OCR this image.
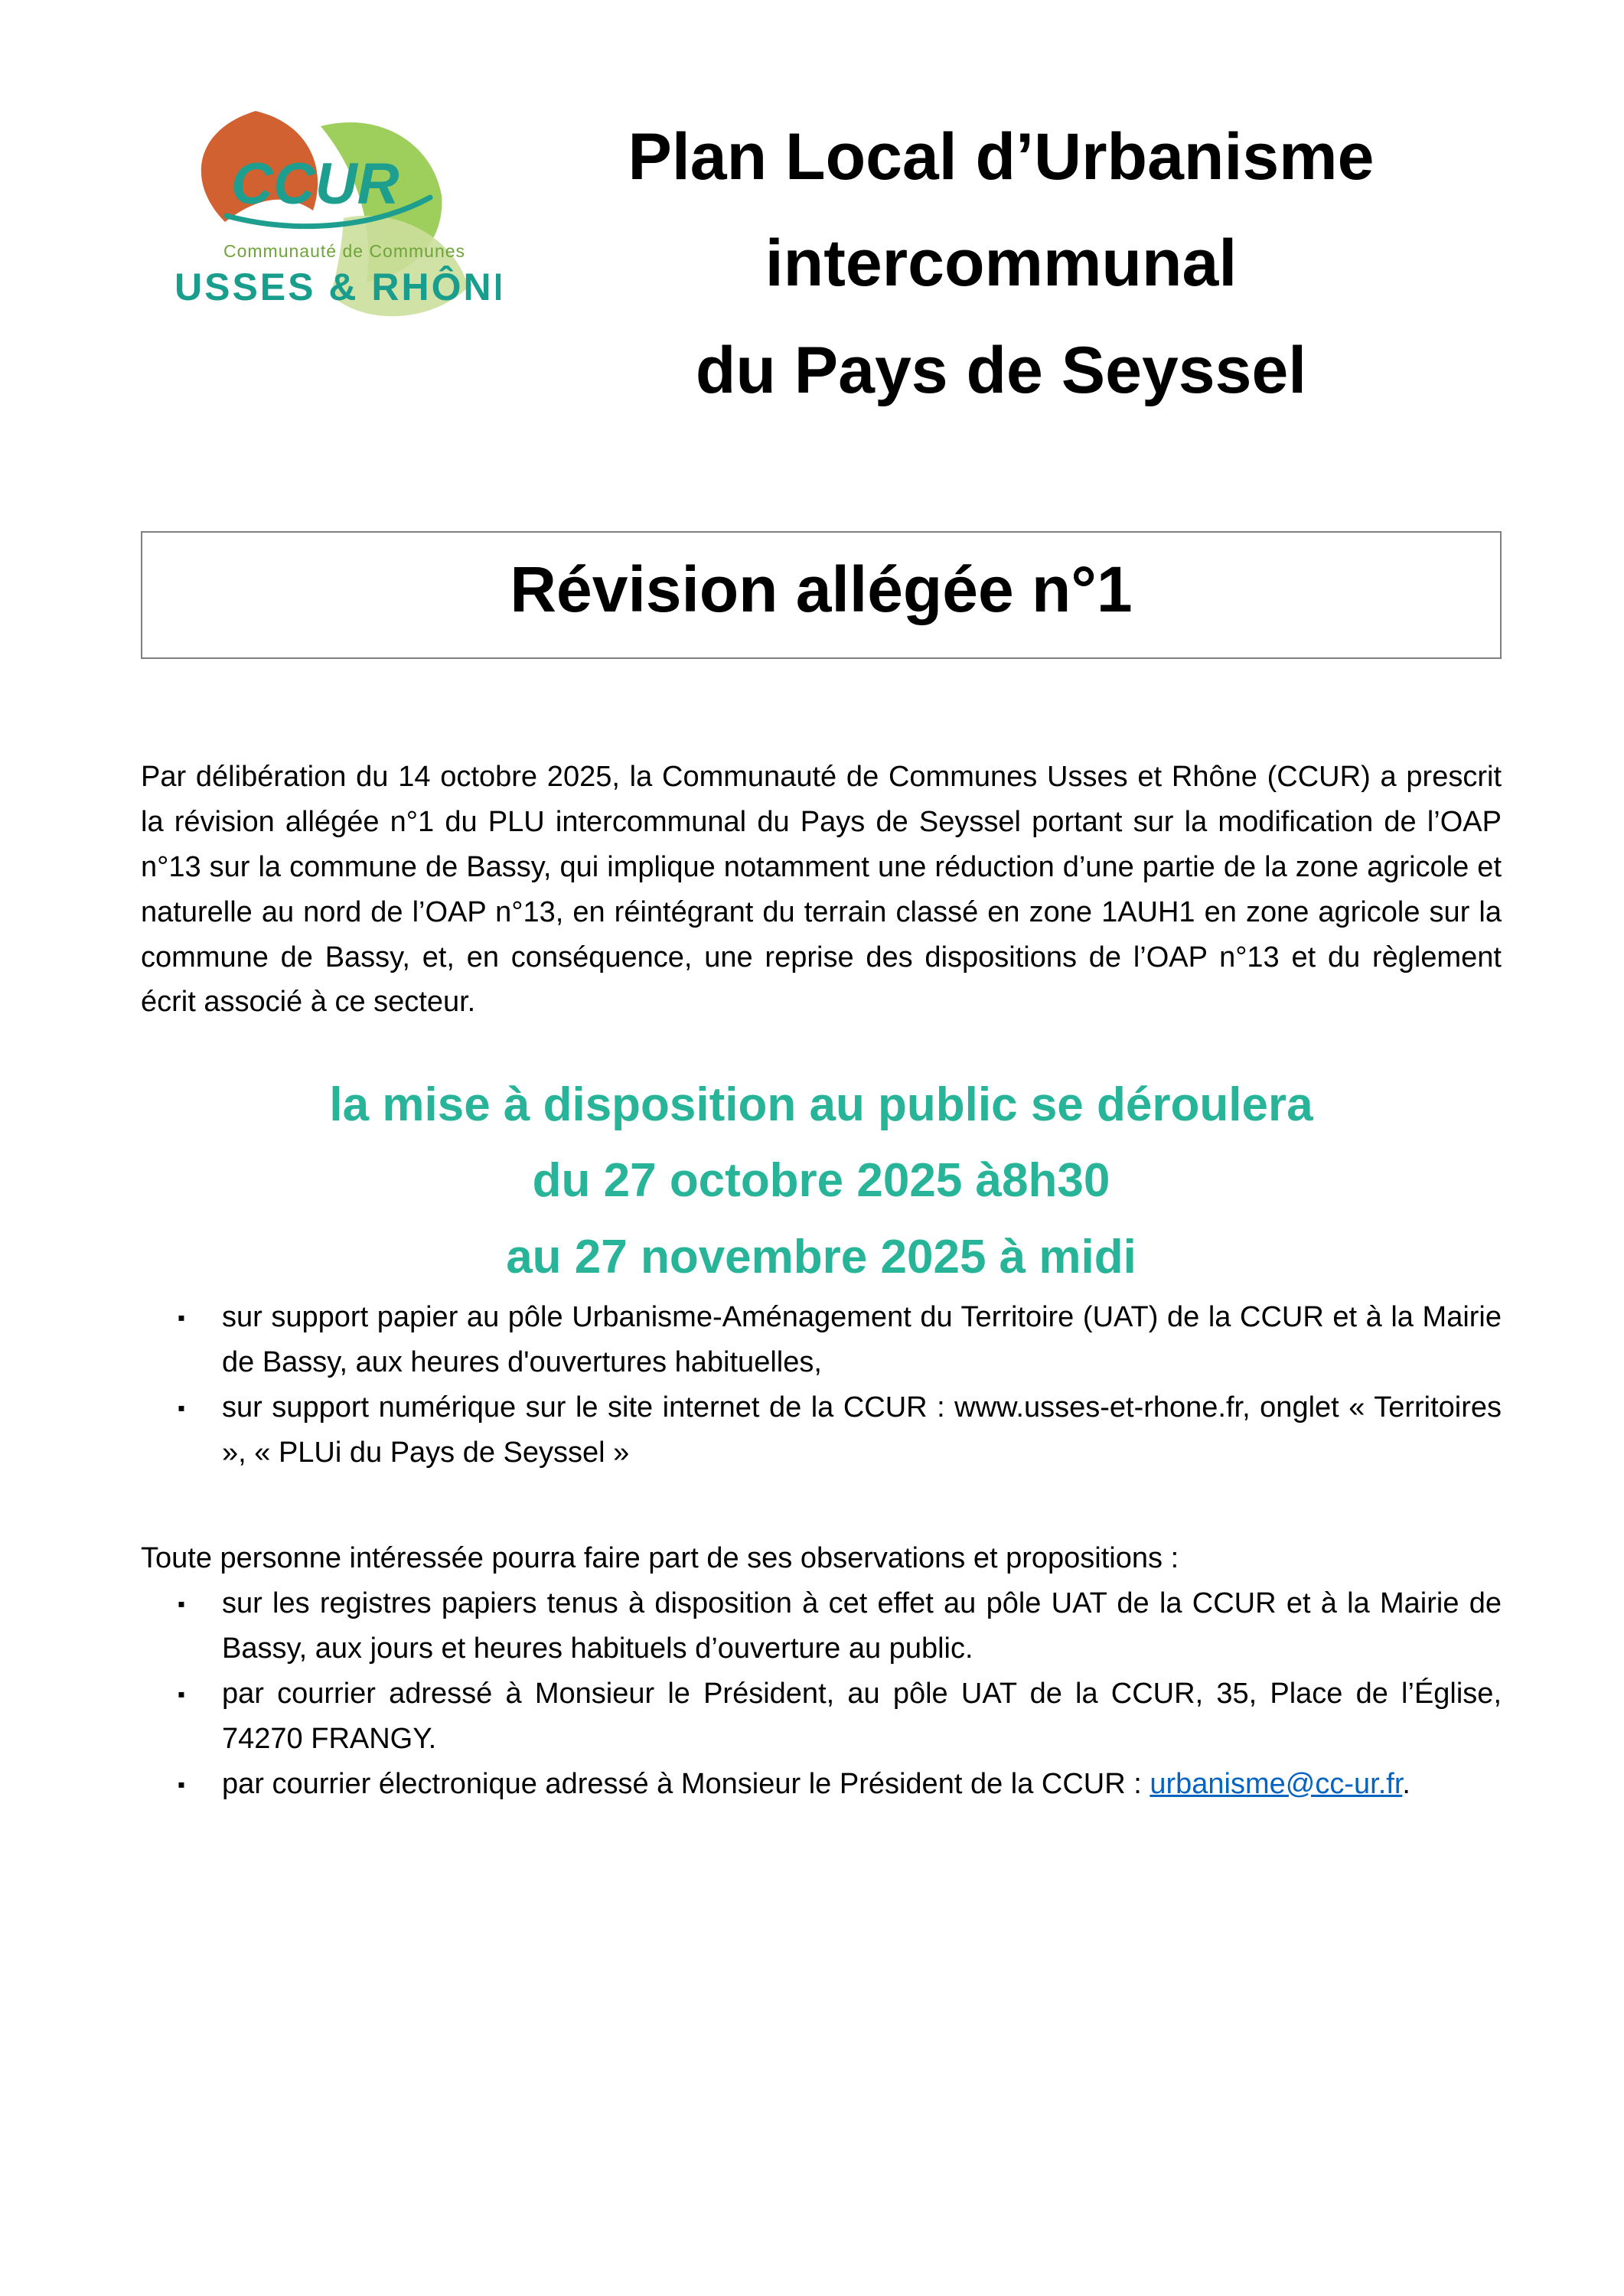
CCUR
Communauté de Communes
USSES & RHÔNE
Plan Local d’Urbanisme
intercommunal
du Pays de Seyssel
Révision allégée n°1

Par délibération du 14 octobre 2025, la Communauté de Communes Usses et Rhône (CCUR) a prescrit la révision allégée n°1 du PLU intercommunal du Pays de Seyssel portant sur la modification de l’OAP n°13 sur la commune de Bassy, qui implique notamment une réduction d’une partie de la zone agricole et naturelle au nord de l’OAP n°13, en réintégrant du terrain classé en zone 1AUH1 en zone agricole sur la commune de Bassy, et, en conséquence, une reprise des dispositions de l’OAP n°13 et du règlement écrit associé à ce secteur.

la mise à disposition au public se déroulera
du 27 octobre 2025 à8h30
au 27 novembre 2025 à midi
▪ sur support papier au pôle Urbanisme-Aménagement du Territoire (UAT) de la CCUR et à la Mairie de Bassy, aux heures d'ouvertures habituelles,
▪ sur support numérique sur le site internet de la CCUR : www.usses-et-rhone.fr, onglet « Territoires », « PLUi du Pays de Seyssel »

Toute personne intéressée pourra faire part de ses observations et propositions :

▪ sur les registres papiers tenus à disposition à cet effet au pôle UAT de la CCUR et à la Mairie de Bassy, aux jours et heures habituels d’ouverture au public.
▪ par courrier adressé à Monsieur le Président, au pôle UAT de la CCUR, 35, Place de l’Église, 74270 FRANGY.
▪ par courrier électronique adressé à Monsieur le Président de la CCUR : urbanisme@cc-ur.fr.
